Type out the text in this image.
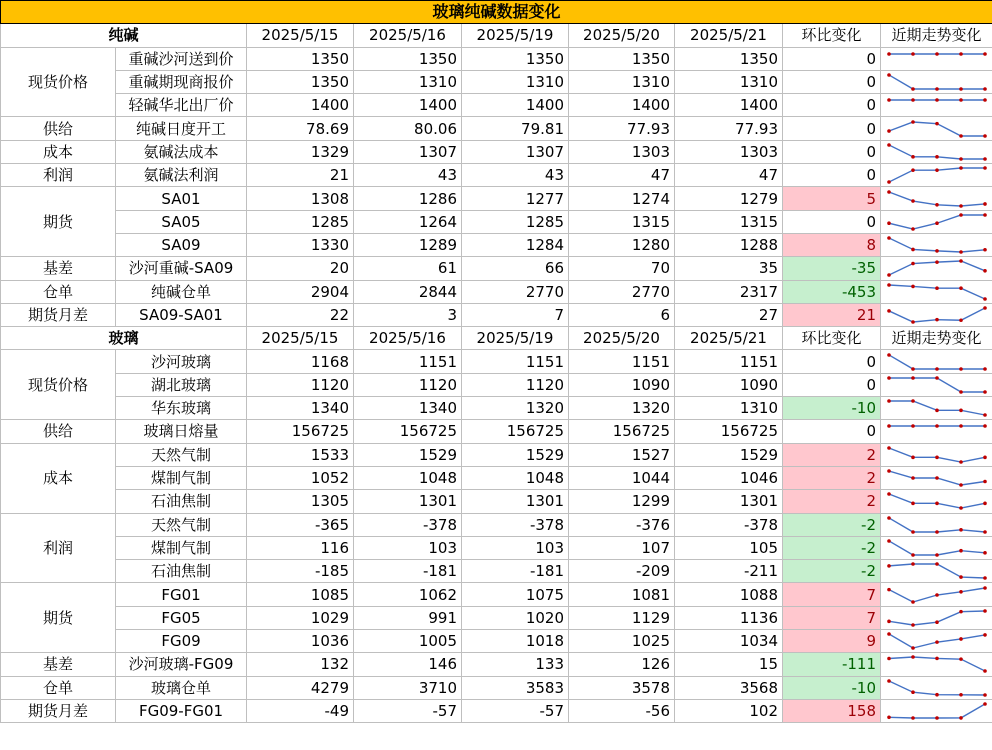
玻璃纯碱数据变化								
纯碱		2025/5/15	2025/5/16	2025/5/19	2025/5/20	2025/5/21	环比变化	近期走势变化
现货价格	重碱沙河送到价	1350	1350	1350	1350	1350	0	

	重碱期现商报价	1350	1310	1310	1310	1310	0	

	轻碱华北出厂价	1400	1400	1400	1400	1400	0	

供给	纯碱日度开工	78.69	80.06	79.81	77.93	77.93	0	

成本	氨碱法成本	1329	1307	1307	1303	1303	0	

利润	氨碱法利润	21	43	43	47	47	0	

期货	SA01	1308	1286	1277	1274	1279	5	

	SA05	1285	1264	1285	1315	1315	0	

	SA09	1330	1289	1284	1280	1288	8	

基差	沙河重碱-SA09	20	61	66	70	35	-35	

仓单	纯碱仓单	2904	2844	2770	2770	2317	-453	

期货月差	SA09-SA01	22	3	7	6	27	21	

玻璃		2025/5/15	2025/5/16	2025/5/19	2025/5/20	2025/5/21	环比变化	近期走势变化
现货价格	沙河玻璃	1168	1151	1151	1151	1151	0	

	湖北玻璃	1120	1120	1120	1090	1090	0	

	华东玻璃	1340	1340	1320	1320	1310	-10	

供给	玻璃日熔量	156725	156725	156725	156725	156725	0	

成本	天然气制	1533	1529	1529	1527	1529	2	

	煤制气制	1052	1048	1048	1044	1046	2	

	石油焦制	1305	1301	1301	1299	1301	2	

利润	天然气制	-365	-378	-378	-376	-378	-2	

	煤制气制	116	103	103	107	105	-2	

	石油焦制	-185	-181	-181	-209	-211	-2	

期货	FG01	1085	1062	1075	1081	1088	7	

	FG05	1029	991	1020	1129	1136	7	

	FG09	1036	1005	1018	1025	1034	9	

基差	沙河玻璃-FG09	132	146	133	126	15	-111	

仓单	玻璃仓单	4279	3710	3583	3578	3568	-10	

期货月差	FG09-FG01	-49	-57	-57	-56	102	158	
